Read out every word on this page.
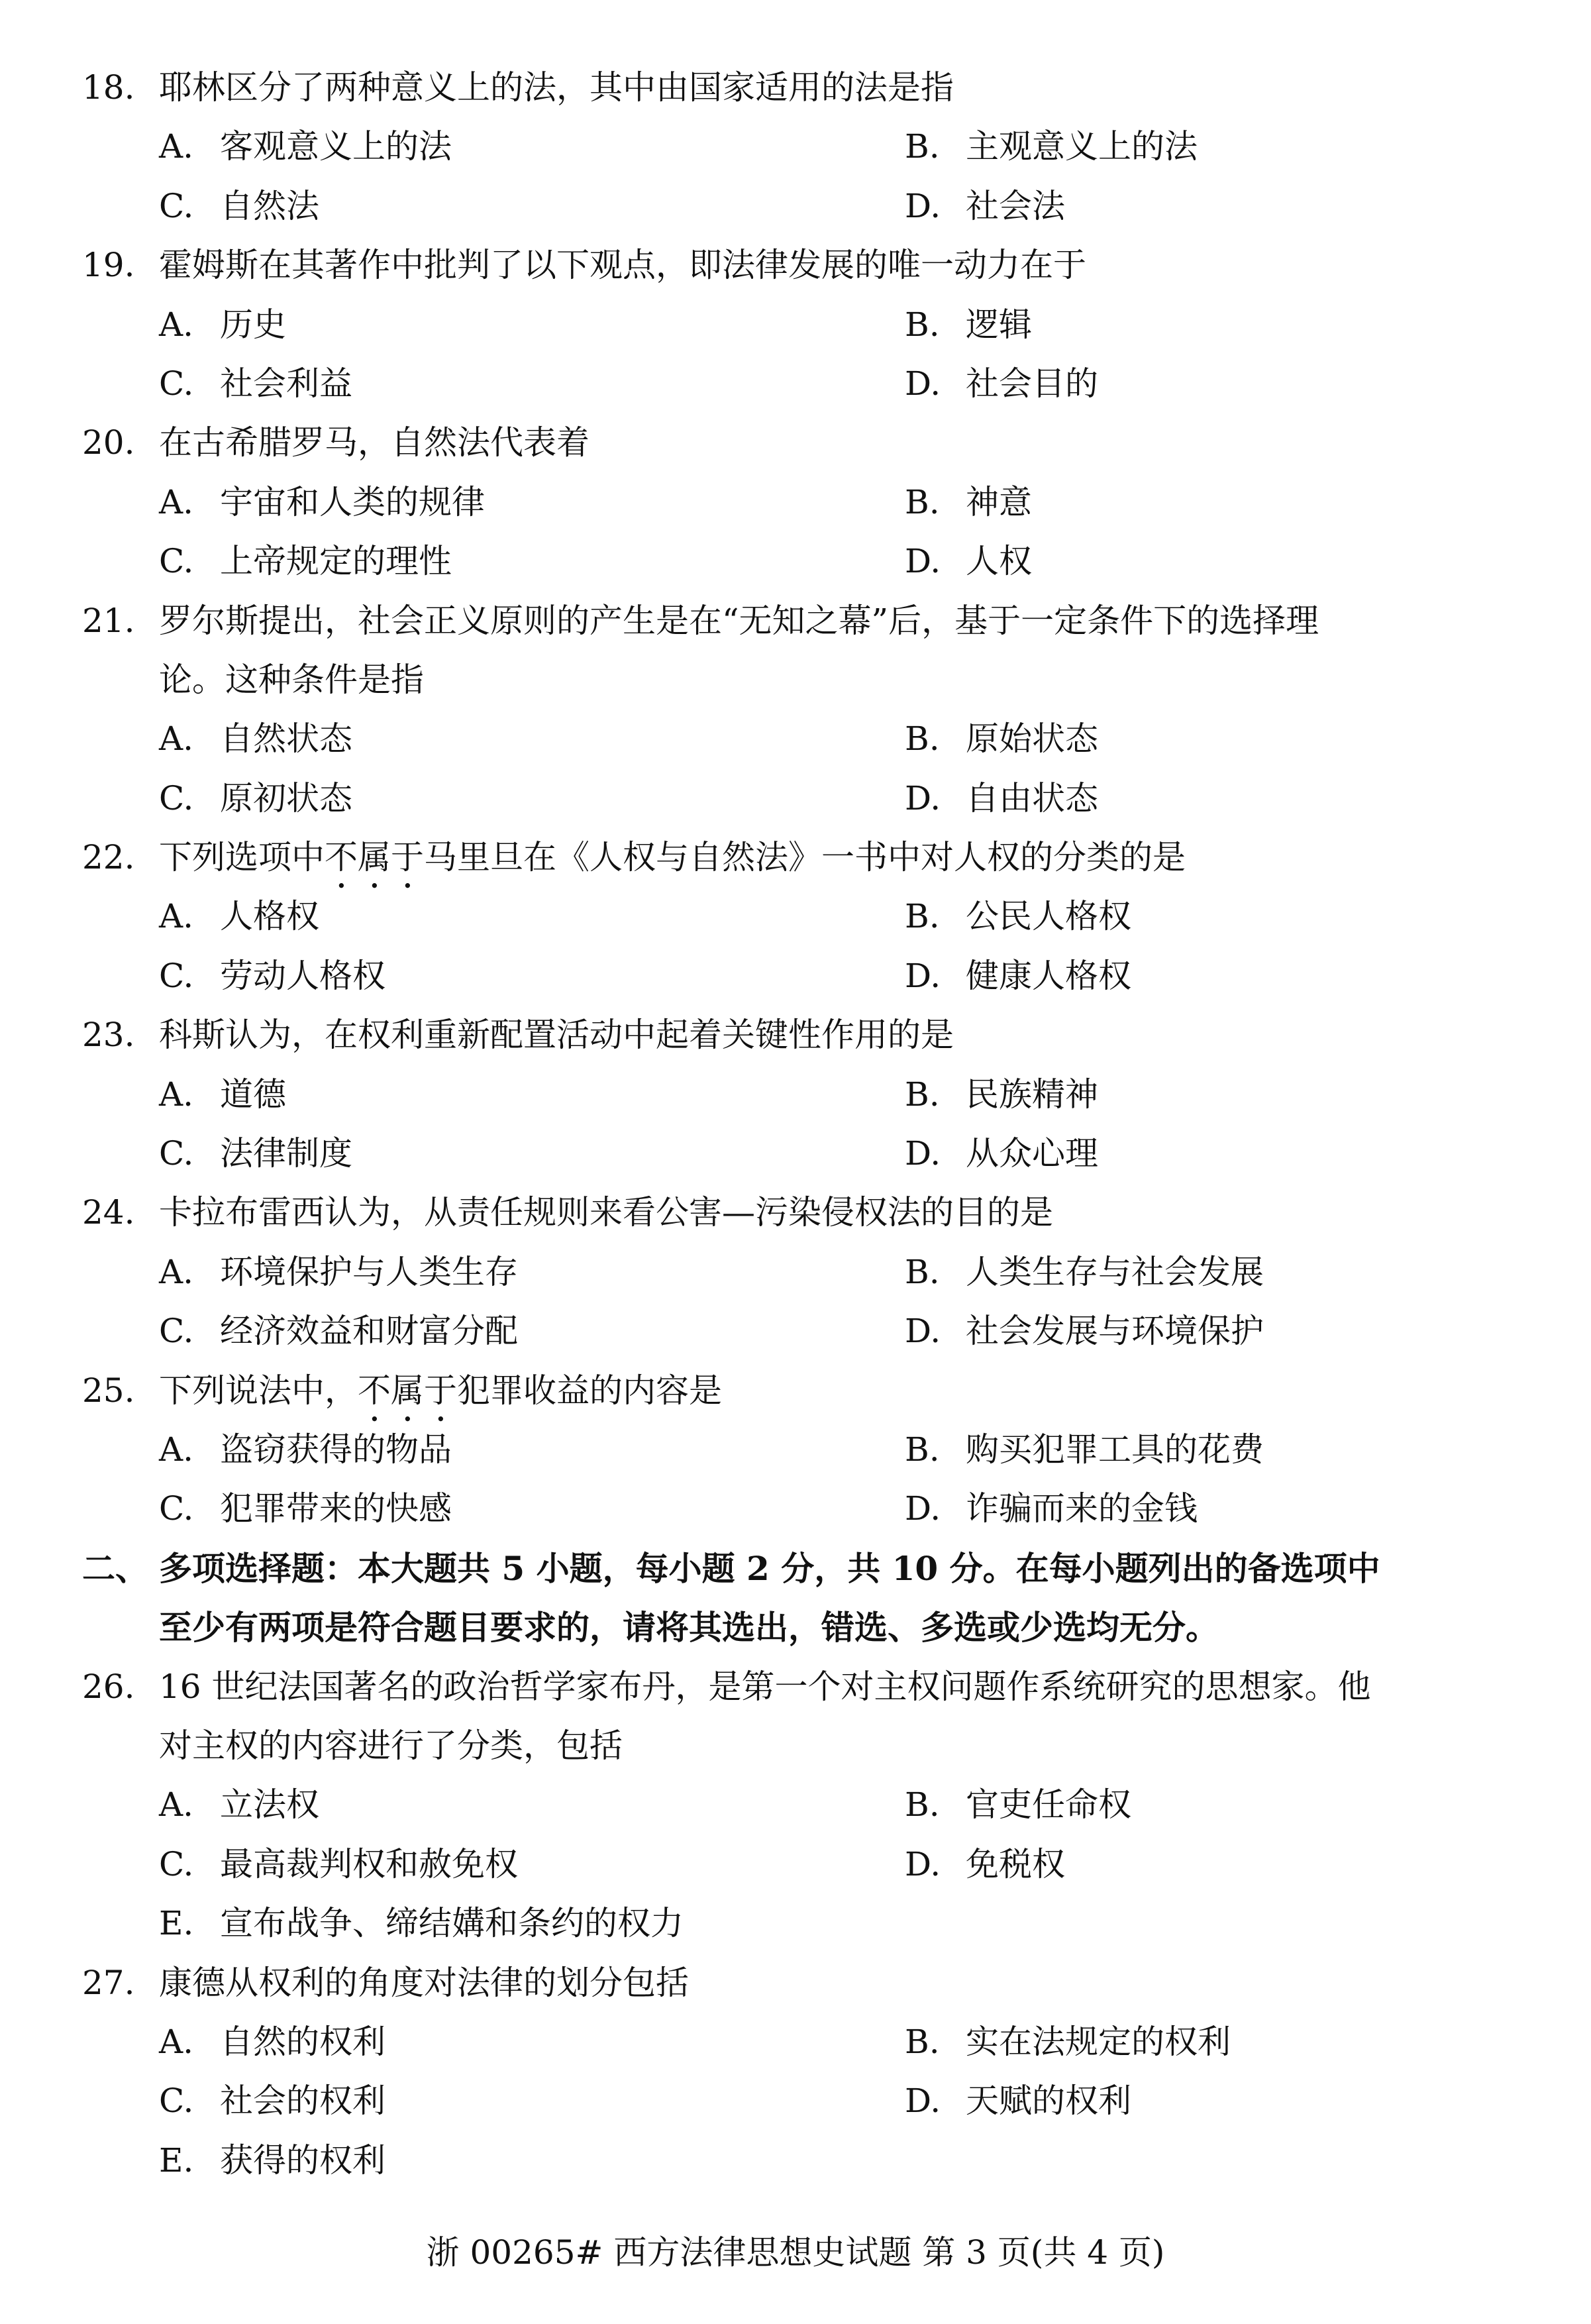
18. 耶林区分了两种意义上的法，其中由国家适用的法是指
A. 客观意义上的法	B. 主观意义上的法
C. 自然法	D. 社会法
19. 霍姆斯在其著作中批判了以下观点，即法律发展的唯一动力在于
A. 历史	B. 逻辑
C. 社会利益	D. 社会目的
20. 在古希腊罗马，自然法代表着
A. 宇宙和人类的规律	B. 神意
C. 上帝规定的理性	D. 人权
21. 罗尔斯提出，社会正义原则的产生是在“无知之幕”后，基于一定条件下的选择理
论。这种条件是指
A. 自然状态	B. 原始状态
C. 原初状态	D. 自由状态
22. 下列选项中不属于马里旦在《人权与自然法》一书中对人权的分类的是
A. 人格权	B. 公民人格权
C. 劳动人格权	D. 健康人格权
23. 科斯认为，在权利重新配置活动中起着关键性作用的是
A. 道德	B. 民族精神
C. 法律制度	D. 从众心理
24. 卡拉布雷西认为，从责任规则来看公害—污染侵权法的目的是
A. 环境保护与人类生存	B. 人类生存与社会发展
C. 经济效益和财富分配	D. 社会发展与环境保护
25. 下列说法中，不属于犯罪收益的内容是
A. 盗窃获得的物品	B. 购买犯罪工具的花费
C. 犯罪带来的快感	D. 诈骗而来的金钱
二、 多项选择题：本大题共 5 小题，每小题 2 分，共 10 分。在每小题列出的备选项中
至少有两项是符合题目要求的，请将其选出，错选、多选或少选均无分。
26. 16 世纪法国著名的政治哲学家布丹，是第一个对主权问题作系统研究的思想家。他
对主权的内容进行了分类，包括
A. 立法权	B. 官吏任命权
C. 最高裁判权和赦免权	D. 免税权
E. 宣布战争、缔结媾和条约的权力
27. 康德从权利的角度对法律的划分包括
A. 自然的权利	B. 实在法规定的权利
C. 社会的权利	D. 天赋的权利
E. 获得的权利
浙 00265# 西方法律思想史试题 第 3 页(共 4 页)
